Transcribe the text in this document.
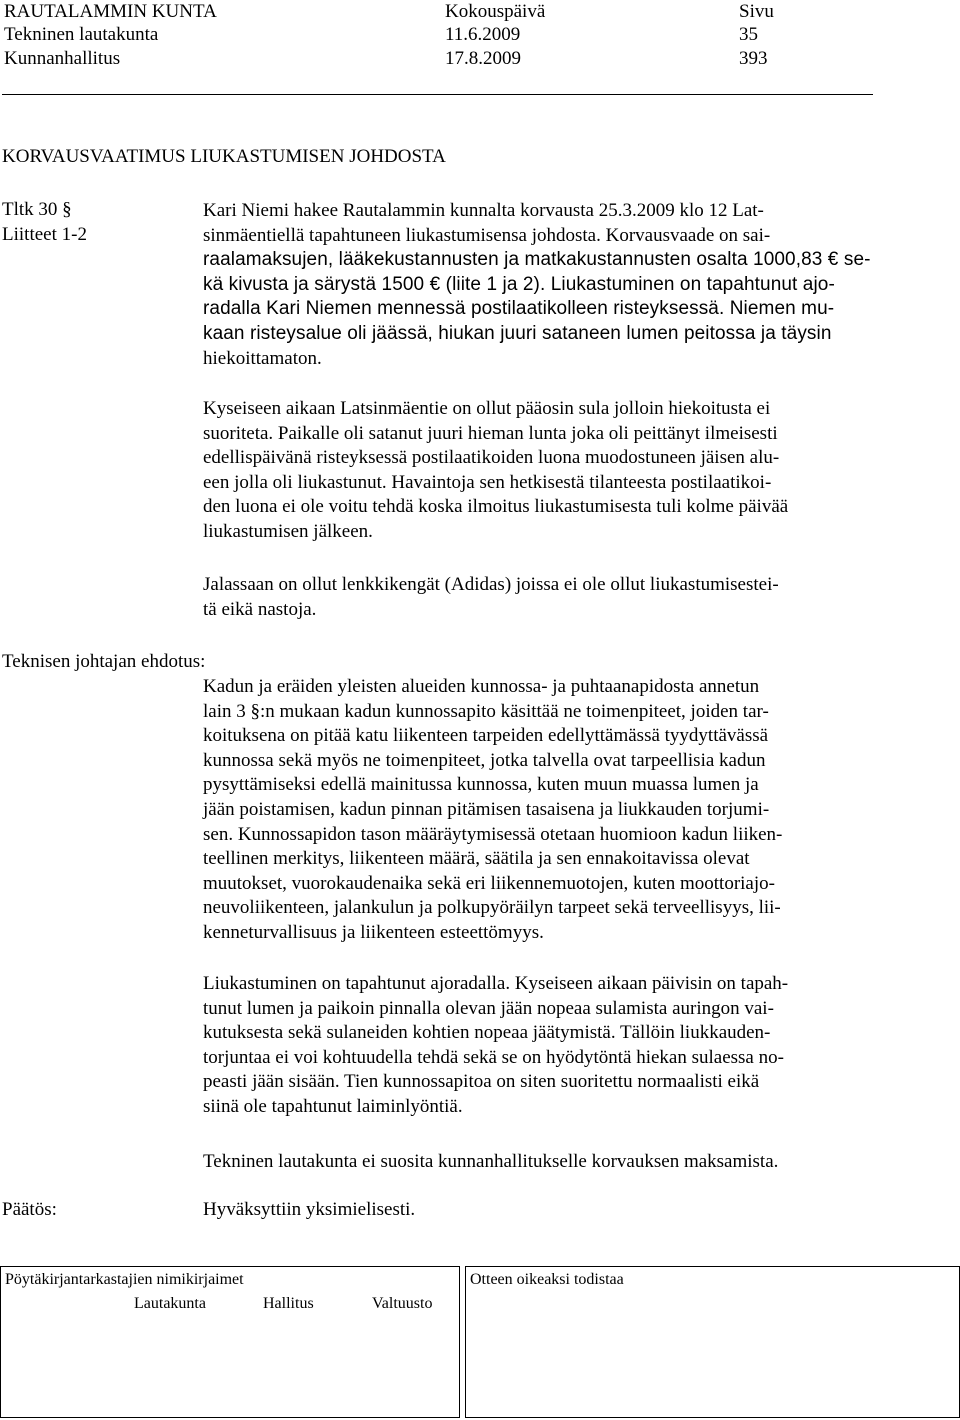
RAUTALAMMIN KUNTA	Kokouspäivä	Sivu
Tekninen lautakunta	11.6.2009	35
Kunnanhallitus	17.8.2009	393
KORVAUSVAATIMUS LIUKASTUMISEN JOHDOSTA
Tltk 30 §
Liitteet 1-2
Kari Niemi hakee Rautalammin kunnalta korvausta 25.3.2009 klo 12 Lat-
sinmäentiellä tapahtuneen liukastumisensa johdosta. Korvausvaade on sai-
raalamaksujen, lääkekustannusten ja matkakustannusten osalta 1000,83 € se-
kä kivusta ja särystä 1500 € (liite 1 ja 2). Liukastuminen on tapahtunut ajo-
radalla Kari Niemen mennessä postilaatikolleen risteyksessä. Niemen mu-
kaan risteysalue oli jäässä, hiukan juuri sataneen lumen peitossa ja täysin
hiekoittamaton.
Kyseiseen aikaan Latsinmäentie on ollut pääosin sula jolloin hiekoitusta ei
suoriteta. Paikalle oli satanut juuri hieman lunta joka oli peittänyt ilmeisesti
edellispäivänä risteyksessä postilaatikoiden luona muodostuneen jäisen alu-
een jolla oli liukastunut. Havaintoja sen hetkisestä tilanteesta postilaatikoi-
den luona ei ole voitu tehdä koska ilmoitus liukastumisesta tuli kolme päivää
liukastumisen jälkeen.
Jalassaan on ollut lenkkikengät (Adidas) joissa ei ole ollut liukastumisestei-
tä eikä nastoja.
Teknisen johtajan ehdotus:
Kadun ja eräiden yleisten alueiden kunnossa- ja puhtaanapidosta annetun
lain 3 §:n mukaan kadun kunnossapito käsittää ne toimenpiteet, joiden tar-
koituksena on pitää katu liikenteen tarpeiden edellyttämässä tyydyttävässä
kunnossa sekä myös ne toimenpiteet, jotka talvella ovat tarpeellisia kadun
pysyttämiseksi edellä mainitussa kunnossa, kuten muun muassa lumen ja
jään poistamisen, kadun pinnan pitämisen tasaisena ja liukkauden torjumi-
sen. Kunnossapidon tason määräytymisessä otetaan huomioon kadun liiken-
teellinen merkitys, liikenteen määrä, säätila ja sen ennakoitavissa olevat
muutokset, vuorokaudenaika sekä eri liikennemuotojen, kuten moottoriajo-
neuvoliikenteen, jalankulun ja polkupyöräilyn tarpeet sekä terveellisyys, lii-
kenneturvallisuus ja liikenteen esteettömyys.
Liukastuminen on tapahtunut ajoradalla. Kyseiseen aikaan päivisin on tapah-
tunut lumen ja paikoin pinnalla olevan jään nopeaa sulamista auringon vai-
kutuksesta sekä sulaneiden kohtien nopeaa jäätymistä. Tällöin liukkauden-
torjuntaa ei voi kohtuudella tehdä sekä se on hyödytöntä hiekan sulaessa no-
peasti jään sisään. Tien kunnossapitoa on siten suoritettu normaalisti eikä
siinä ole tapahtunut laiminlyöntiä.
Tekninen lautakunta ei suosita kunnanhallitukselle korvauksen maksamista.
Päätös:	Hyväksyttiin yksimielisesti.
Pöytäkirjantarkastajien nimikirjaimet
Lautakunta	Hallitus	Valtuusto
Otteen oikeaksi todistaa
